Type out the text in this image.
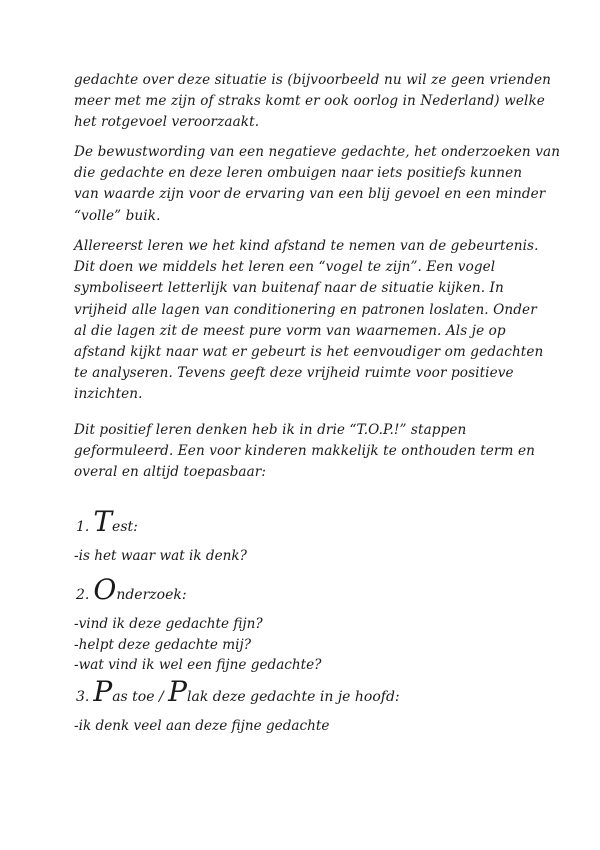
gedachte over deze situatie is (bijvoorbeeld nu wil ze geen vrienden
meer met me zijn of straks komt er ook oorlog in Nederland) welke
het rotgevoel veroorzaakt.

De bewustwording van een negatieve gedachte, het onderzoeken van
die gedachte en deze leren ombuigen naar iets positiefs kunnen
van waarde zijn voor de ervaring van een blij gevoel en een minder
“volle” buik.

Allereerst leren we het kind afstand te nemen van de gebeurtenis.
Dit doen we middels het leren een “vogel te zijn”. Een vogel
symboliseert letterlijk van buitenaf naar de situatie kijken. In
vrijheid alle lagen van conditionering en patronen loslaten. Onder
al die lagen zit de meest pure vorm van waarnemen. Als je op
afstand kijkt naar wat er gebeurt is het eenvoudiger om gedachten
te analyseren. Tevens geeft deze vrijheid ruimte voor positieve
inzichten.

Dit positief leren denken heb ik in drie “T.O.P.!” stappen
geformuleerd. Een voor kinderen makkelijk te onthouden term en
overal en altijd toepasbaar:

1. Test:

-is het waar wat ik denk?

2. Onderzoek:

-vind ik deze gedachte fijn?
-helpt deze gedachte mij?
-wat vind ik wel een fijne gedachte?

3. Pas toe / Plak deze gedachte in je hoofd:

-ik denk veel aan deze fijne gedachte
